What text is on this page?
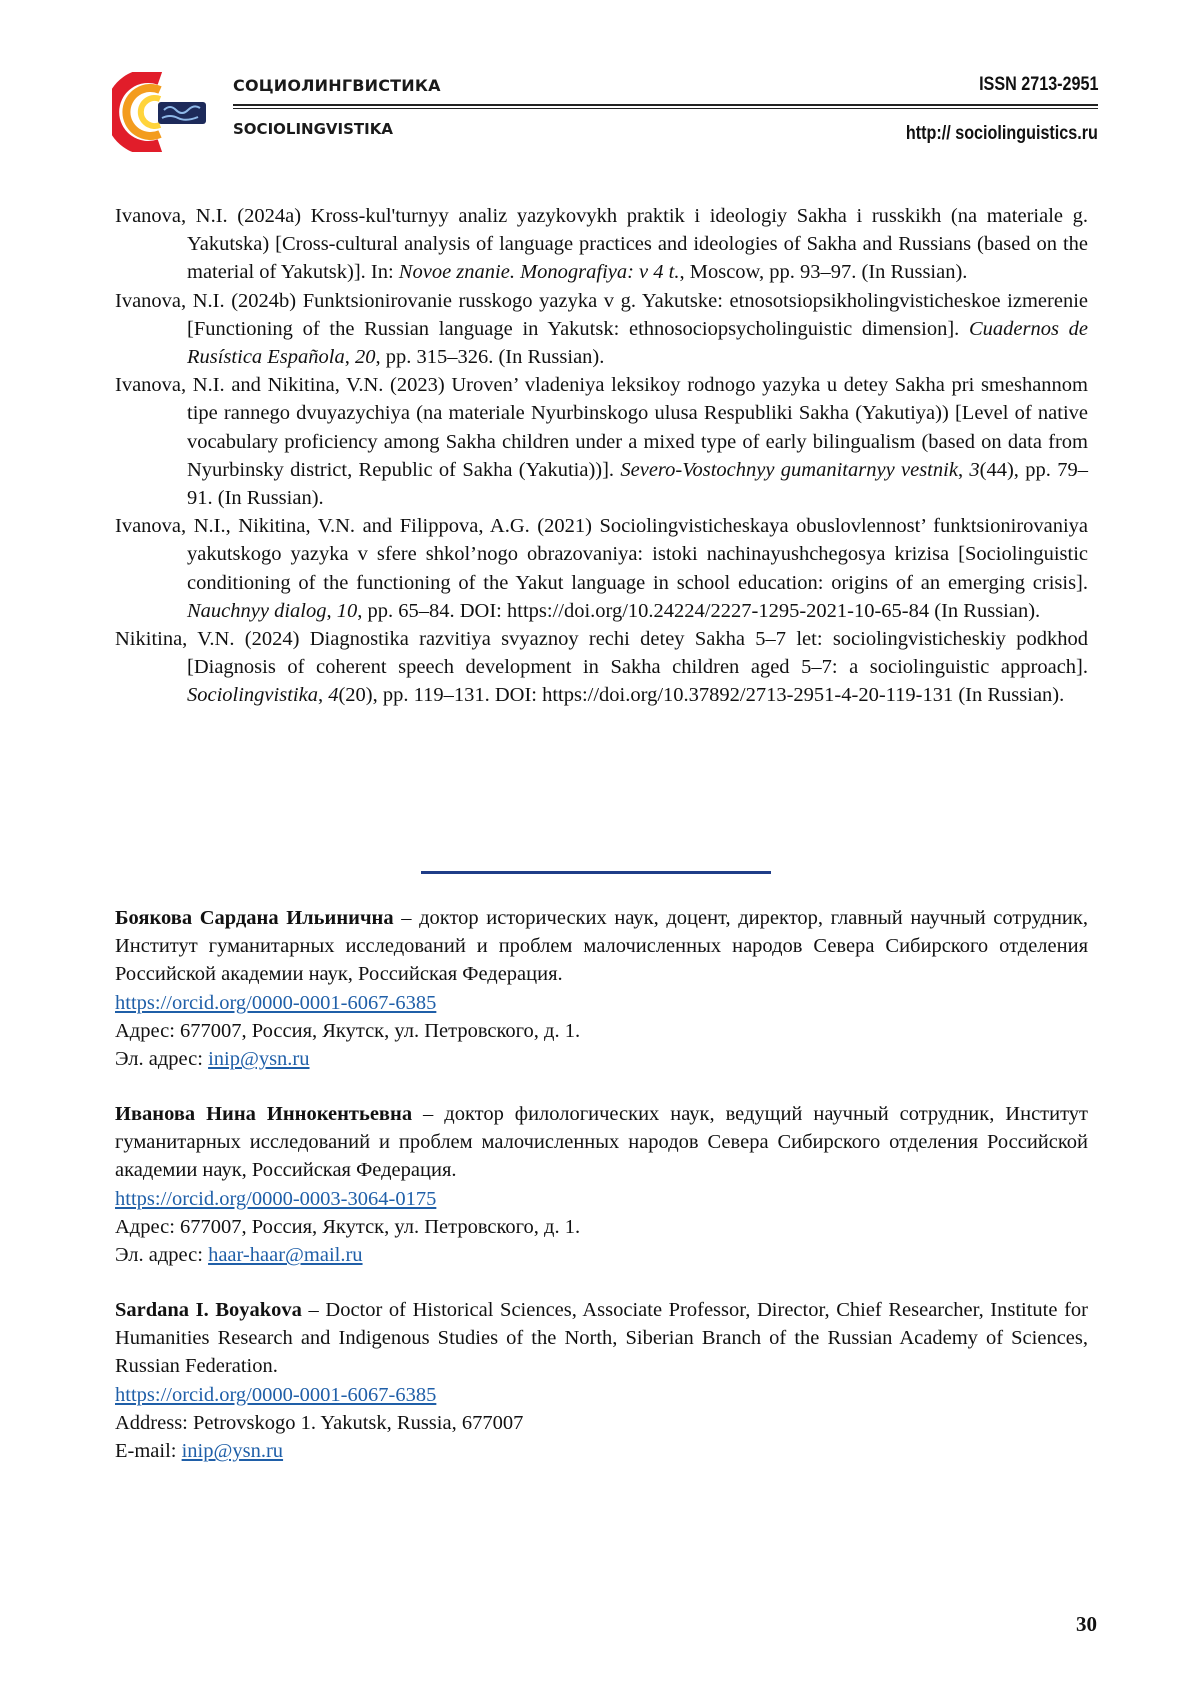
СОЦИОЛИНГВИСТИКА
SOCIOLINGVISTIKA
ISSN 2713-2951
http:// sociolinguistics.ru

Ivanova, N.I. (2024a) Kross-kul'turnyy analiz yazykovykh praktik i ideologiy Sakha i russkikh (na materiale g. Yakutska) [Cross-cultural analysis of language practices and ideologies of Sakha and Russians (based on the material of Yakutsk)]. In: Novoe znanie. Monografiya: v 4 t., Moscow, pp. 93–97. (In Russian).

Ivanova, N.I. (2024b) Funktsionirovanie russkogo yazyka v g. Yakutske: etnosotsiopsikholingvisticheskoe izmerenie [Functioning of the Russian language in Yakutsk: ethnosociopsycholinguistic dimension]. Cuadernos de Rusística Española, 20, pp. 315–326. (In Russian).

Ivanova, N.I. and Nikitina, V.N. (2023) Uroven’ vladeniya leksikoy rodnogo yazyka u detey Sakha pri smeshannom tipe rannego dvuyazychiya (na materiale Nyurbinskogo ulusa Respubliki Sakha (Yakutiya)) [Level of native vocabulary proficiency among Sakha children under a mixed type of early bilingualism (based on data from Nyurbinsky district, Republic of Sakha (Yakutia))]. Severo-Vostochnyy gumanitarnyy vestnik, 3(44), pp. 79–91. (In Russian).

Ivanova, N.I., Nikitina, V.N. and Filippova, A.G. (2021) Sociolingvisticheskaya obuslovlennost’ funktsionirovaniya yakutskogo yazyka v sfere shkol’nogo obrazovaniya: istoki nachinayushchegosya krizisa [Sociolinguistic conditioning of the functioning of the Yakut language in school education: origins of an emerging crisis]. Nauchnyy dialog, 10, pp. 65–84. DOI: https://doi.org/10.24224/2227-1295-2021-10-65-84 (In Russian).

Nikitina, V.N. (2024) Diagnostika razvitiya svyaznoy rechi detey Sakha 5–7 let: sociolingvisticheskiy podkhod [Diagnosis of coherent speech development in Sakha children aged 5–7: a sociolinguistic approach]. Sociolingvistika, 4(20), pp. 119–131. DOI: https://doi.org/10.37892/2713-2951-4-20-119-131 (In Russian).

Боякова Сардана Ильинична – доктор исторических наук, доцент, директор, главный научный сотрудник, Институт гуманитарных исследований и проблем малочисленных народов Севера Сибирского отделения Российской академии наук, Российская Федерация.

https://orcid.org/0000-0001-6067-6385

Адрес: 677007, Россия, Якутск, ул. Петровского, д. 1.

Эл. адрес: inip@ysn.ru

Иванова Нина Иннокентьевна – доктор филологических наук, ведущий научный сотрудник, Институт гуманитарных исследований и проблем малочисленных народов Севера Сибирского отделения Российской академии наук, Российская Федерация.

https://orcid.org/0000-0003-3064-0175

Адрес: 677007, Россия, Якутск, ул. Петровского, д. 1.

Эл. адрес: haar-haar@mail.ru

Sardana I. Boyakova – Doctor of Historical Sciences, Associate Professor, Director, Chief Researcher, Institute for Humanities Research and Indigenous Studies of the North, Siberian Branch of the Russian Academy of Sciences, Russian Federation.

https://orcid.org/0000-0001-6067-6385

Address: Petrovskogo 1. Yakutsk, Russia, 677007

E-mail: inip@ysn.ru

30
